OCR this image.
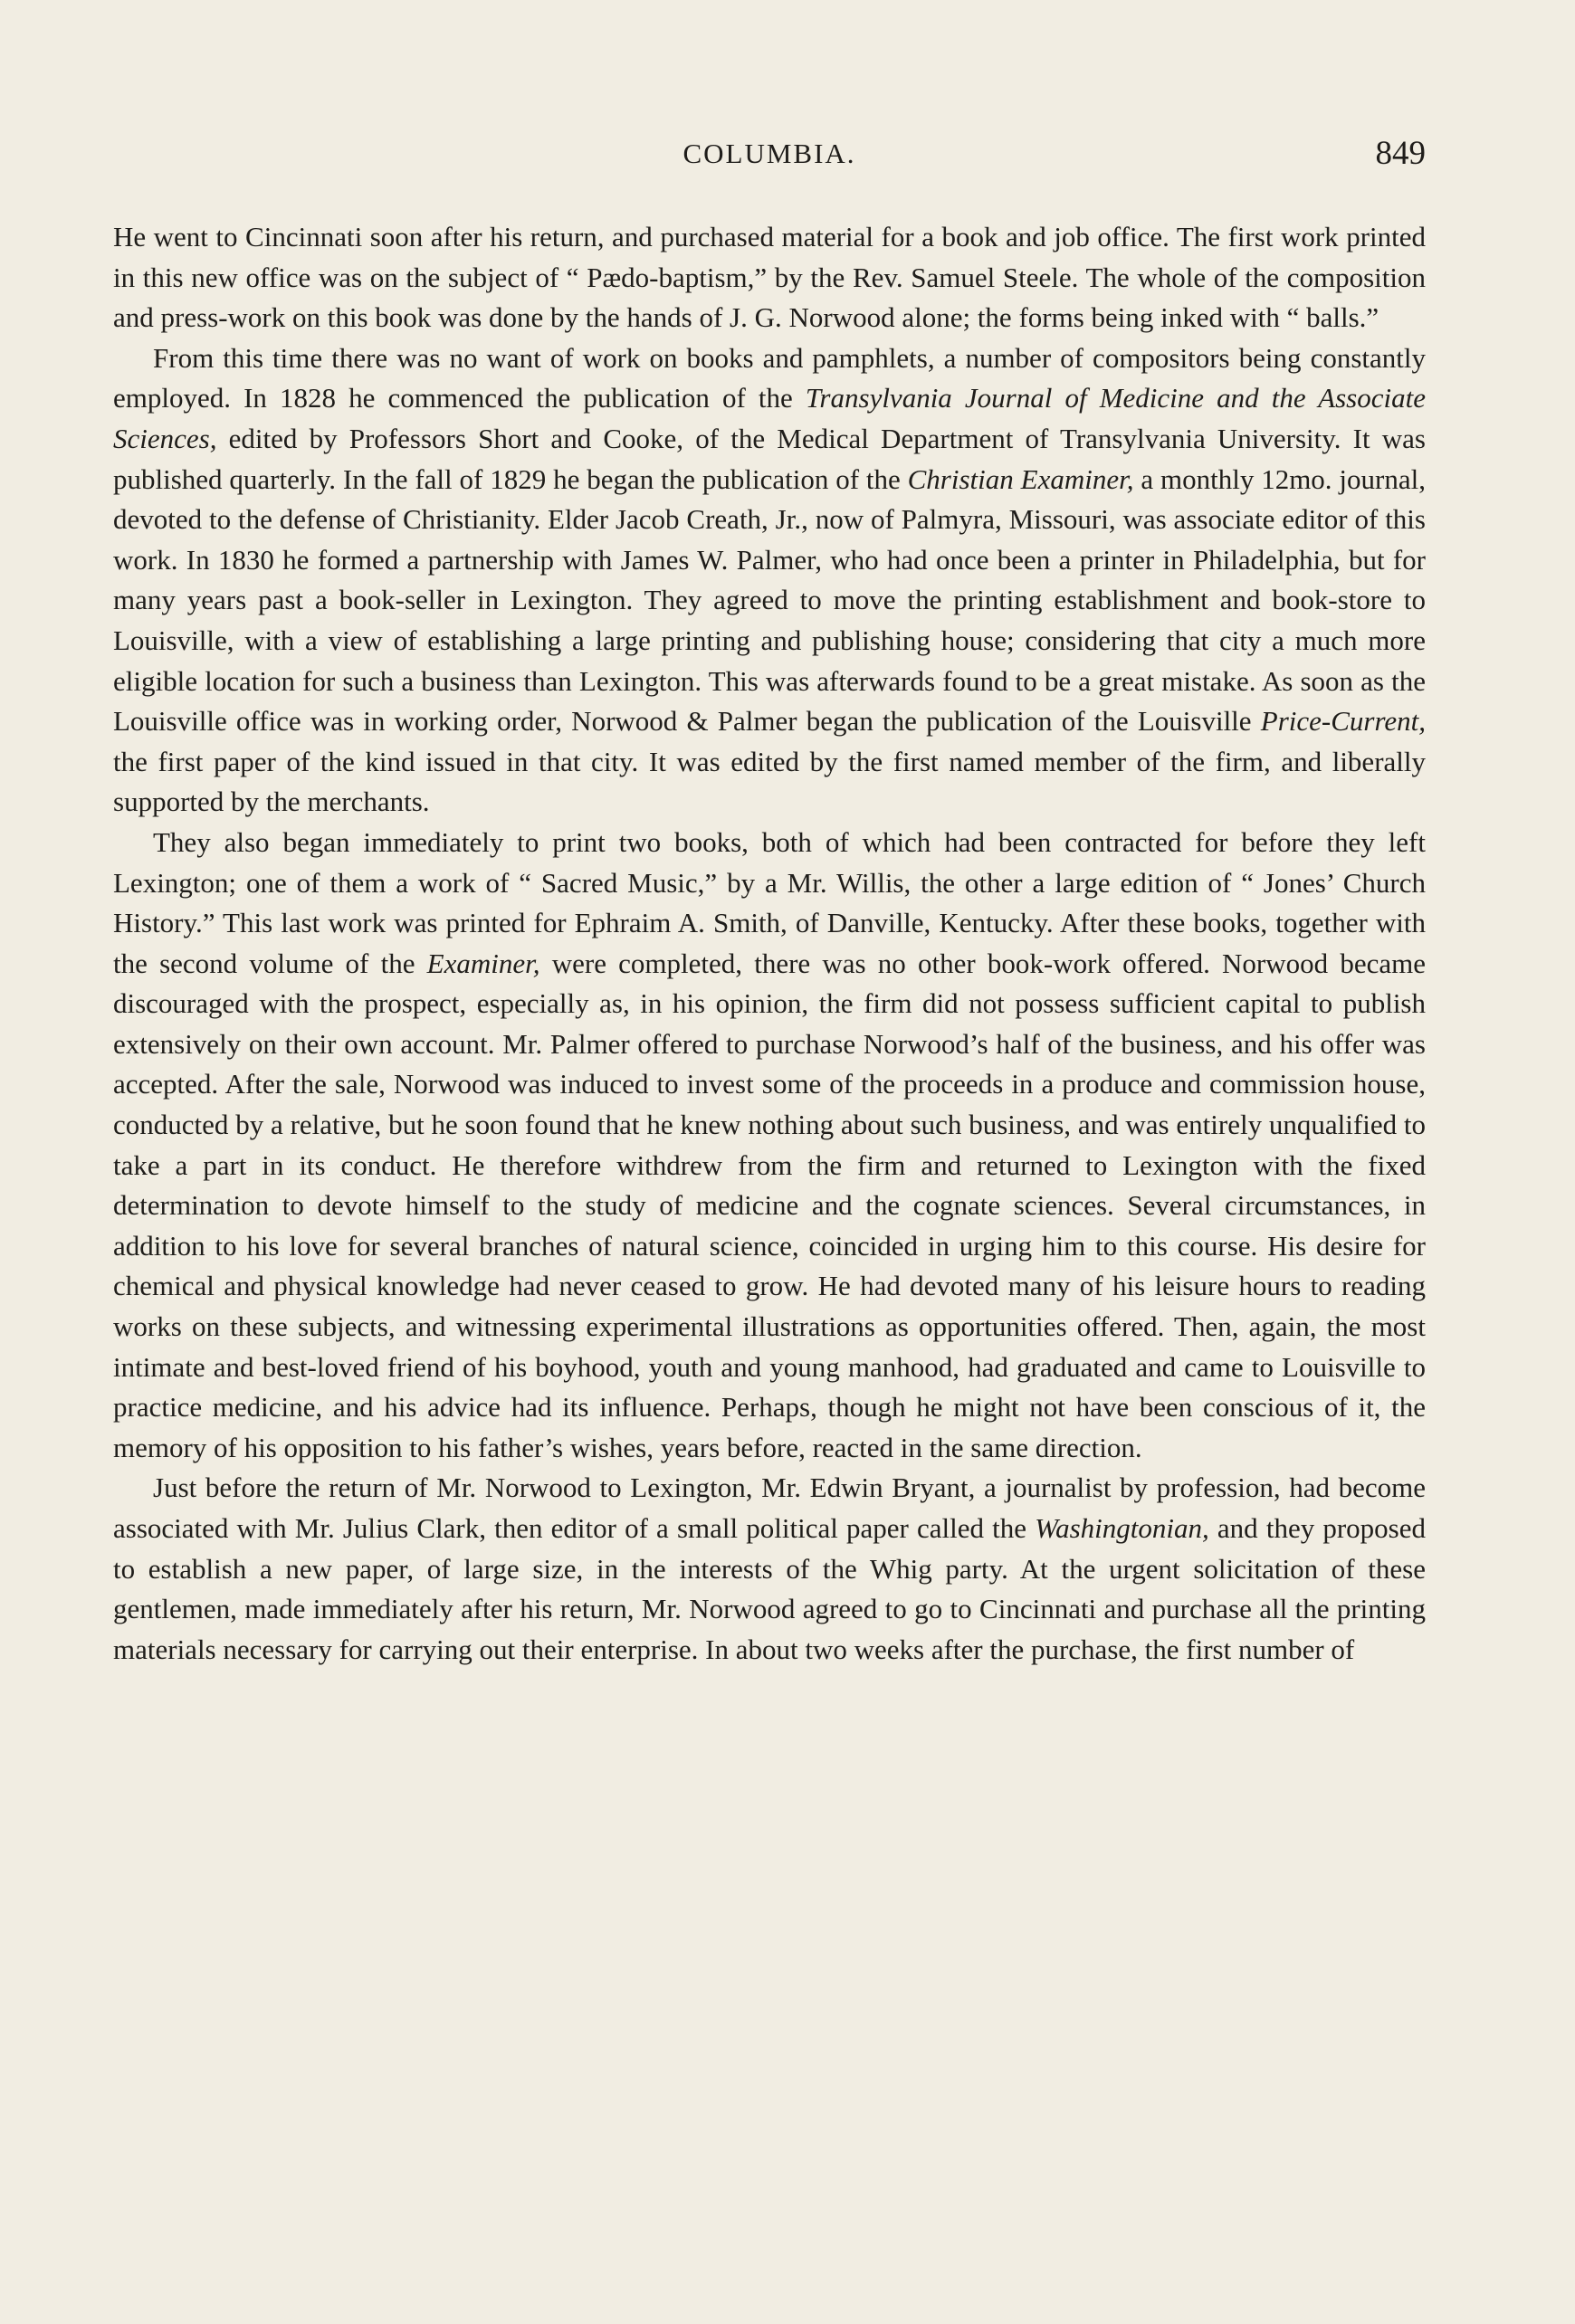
COLUMBIA.	849

He went to Cincinnati soon after his return, and purchased material for a book and job office. The first work printed in this new office was on the subject of “ Pædo-baptism,” by the Rev. Samuel Steele. The whole of the composition and press-work on this book was done by the hands of J. G. Norwood alone; the forms being inked with “ balls.”

From this time there was no want of work on books and pamphlets, a number of compositors being constantly employed. In 1828 he commenced the publication of the Transylvania Journal of Medicine and the Associate Sciences, edited by Professors Short and Cooke, of the Medical Department of Transylvania University. It was published quarterly. In the fall of 1829 he began the publication of the Christian Examiner, a monthly 12mo. journal, devoted to the defense of Christianity. Elder Jacob Creath, Jr., now of Palmyra, Missouri, was associate editor of this work. In 1830 he formed a partnership with James W. Palmer, who had once been a printer in Philadelphia, but for many years past a book-seller in Lexington. They agreed to move the printing establishment and book-store to Louisville, with a view of establishing a large printing and publishing house; considering that city a much more eligible location for such a business than Lexington. This was afterwards found to be a great mistake. As soon as the Louisville office was in working order, Norwood & Palmer began the publication of the Louisville Price-Current, the first paper of the kind issued in that city. It was edited by the first named member of the firm, and liberally supported by the merchants.

They also began immediately to print two books, both of which had been contracted for before they left Lexington; one of them a work of “ Sacred Music,” by a Mr. Willis, the other a large edition of “ Jones’ Church History.” This last work was printed for Ephraim A. Smith, of Danville, Kentucky. After these books, together with the second volume of the Examiner, were completed, there was no other book-work offered. Norwood became discouraged with the prospect, especially as, in his opinion, the firm did not possess sufficient capital to publish extensively on their own account. Mr. Palmer offered to purchase Norwood’s half of the business, and his offer was accepted. After the sale, Norwood was induced to invest some of the proceeds in a produce and commission house, conducted by a relative, but he soon found that he knew nothing about such business, and was entirely unqualified to take a part in its conduct. He therefore withdrew from the firm and returned to Lexington with the fixed determination to devote himself to the study of medicine and the cognate sciences. Several circumstances, in addition to his love for several branches of natural science, coincided in urging him to this course. His desire for chemical and physical knowledge had never ceased to grow. He had devoted many of his leisure hours to reading works on these subjects, and witnessing experimental illustrations as opportunities offered. Then, again, the most intimate and best-loved friend of his boyhood, youth and young manhood, had graduated and came to Louisville to practice medicine, and his advice had its influence. Perhaps, though he might not have been conscious of it, the memory of his opposition to his father’s wishes, years before, reacted in the same direction.

Just before the return of Mr. Norwood to Lexington, Mr. Edwin Bryant, a journalist by profession, had become associated with Mr. Julius Clark, then editor of a small political paper called the Washingtonian, and they proposed to establish a new paper, of large size, in the interests of the Whig party. At the urgent solicitation of these gentlemen, made immediately after his return, Mr. Norwood agreed to go to Cincinnati and purchase all the printing materials necessary for carrying out their enterprise. In about two weeks after the purchase, the first number of
